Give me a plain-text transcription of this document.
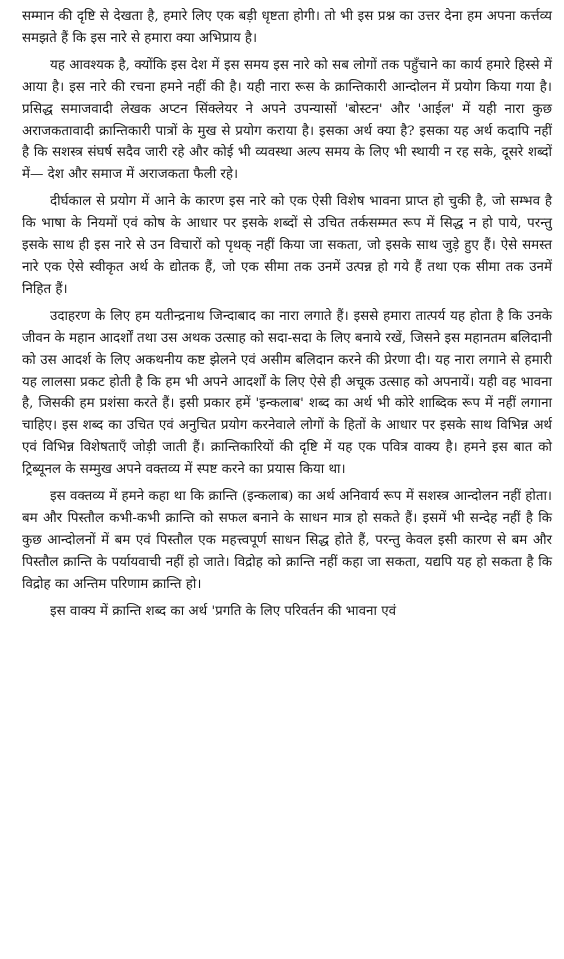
सम्मान की दृष्टि से देखता है, हमारे लिए एक बड़ी धृष्टता होगी। तो भी इस प्रश्न का उत्तर देना हम अपना कर्त्तव्य समझते हैं कि इस नारे से हमारा क्या अभिप्राय है।

यह आवश्यक है, क्योंकि इस देश में इस समय इस नारे को सब लोगों तक पहुँचाने का कार्य हमारे हिस्से में आया है। इस नारे की रचना हमने नहीं की है। यही नारा रूस के क्रान्तिकारी आन्दोलन में प्रयोग किया गया है। प्रसिद्ध समाजवादी लेखक अप्टन सिंक्लेयर ने अपने उपन्यासों 'बोस्टन' और 'आईल' में यही नारा कुछ अराजकतावादी क्रान्तिकारी पात्रों के मुख से प्रयोग कराया है। इसका अर्थ क्या है? इसका यह अर्थ कदापि नहीं है कि सशस्त्र संघर्ष सदैव जारी रहे और कोई भी व्यवस्था अल्प समय के लिए भी स्थायी न रह सके, दूसरे शब्दों में— देश और समाज में अराजकता फैली रहे।

दीर्घकाल से प्रयोग में आने के कारण इस नारे को एक ऐसी विशेष भावना प्राप्त हो चुकी है, जो सम्भव है कि भाषा के नियमों एवं कोष के आधार पर इसके शब्दों से उचित तर्कसम्मत रूप में सिद्ध न हो पाये, परन्तु इसके साथ ही इस नारे से उन विचारों को पृथक् नहीं किया जा सकता, जो इसके साथ जुड़े हुए हैं। ऐसे समस्त नारे एक ऐसे स्वीकृत अर्थ के द्योतक हैं, जो एक सीमा तक उनमें उत्पन्न हो गये हैं तथा एक सीमा तक उनमें निहित हैं।

उदाहरण के लिए हम यतीन्द्रनाथ जिन्दाबाद का नारा लगाते हैं। इससे हमारा तात्पर्य यह होता है कि उनके जीवन के महान आदर्शों तथा उस अथक उत्साह को सदा-सदा के लिए बनाये रखें, जिसने इस महानतम बलिदानी को उस आदर्श के लिए अकथनीय कष्ट झेलने एवं असीम बलिदान करने की प्रेरणा दी। यह नारा लगाने से हमारी यह लालसा प्रकट होती है कि हम भी अपने आदर्शों के लिए ऐसे ही अचूक उत्साह को अपनायें। यही वह भावना है, जिसकी हम प्रशंसा करते हैं। इसी प्रकार हमें 'इन्कलाब' शब्द का अर्थ भी कोरे शाब्दिक रूप में नहीं लगाना चाहिए। इस शब्द का उचित एवं अनुचित प्रयोग करनेवाले लोगों के हितों के आधार पर इसके साथ विभिन्न अर्थ एवं विभिन्न विशेषताएँ जोड़ी जाती हैं। क्रान्तिकारियों की दृष्टि में यह एक पवित्र वाक्य है। हमने इस बात को ट्रिब्यूनल के सम्मुख अपने वक्तव्य में स्पष्ट करने का प्रयास किया था।

इस वक्तव्य में हमने कहा था कि क्रान्ति (इन्कलाब) का अर्थ अनिवार्य रूप में सशस्त्र आन्दोलन नहीं होता। बम और पिस्तौल कभी-कभी क्रान्ति को सफल बनाने के साधन मात्र हो सकते हैं। इसमें भी सन्देह नहीं है कि कुछ आन्दोलनों में बम एवं पिस्तौल एक महत्त्वपूर्ण साधन सिद्ध होते हैं, परन्तु केवल इसी कारण से बम और पिस्तौल क्रान्ति के पर्यायवाची नहीं हो जाते। विद्रोह को क्रान्ति नहीं कहा जा सकता, यद्यपि यह हो सकता है कि विद्रोह का अन्तिम परिणाम क्रान्ति हो।

इस वाक्य में क्रान्ति शब्द का अर्थ 'प्रगति के लिए परिवर्तन की भावना एवं
